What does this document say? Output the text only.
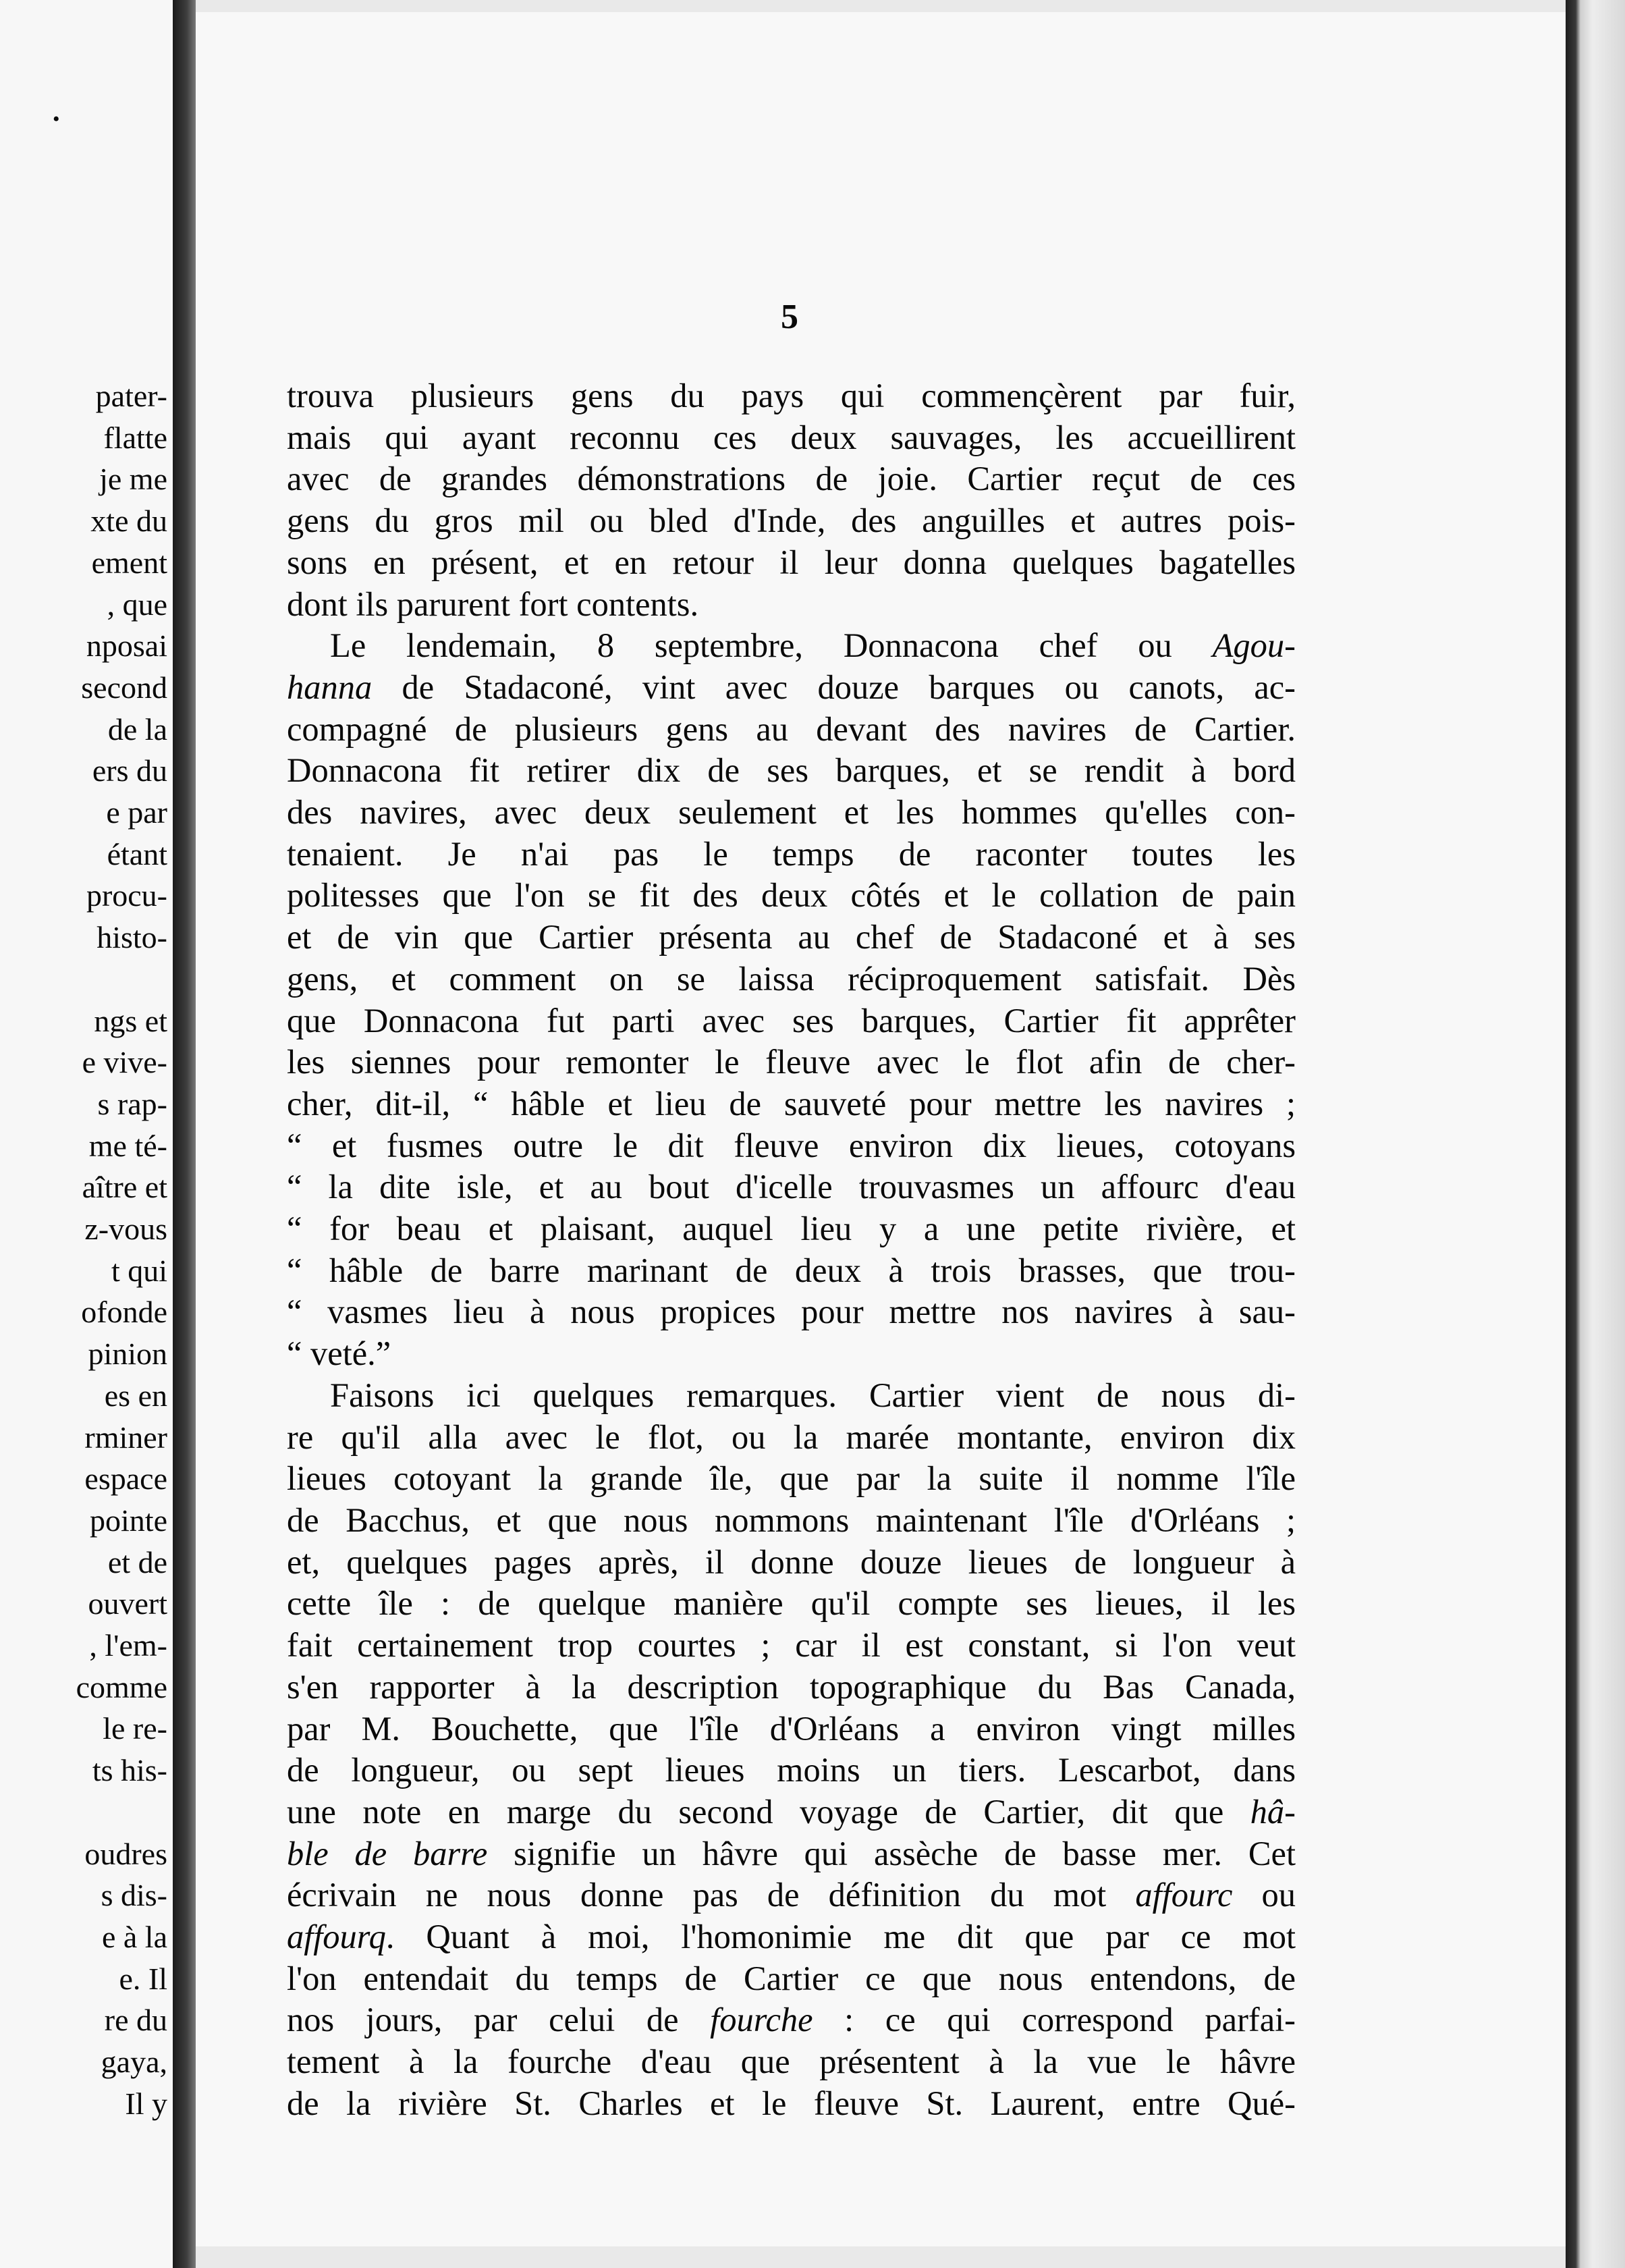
•
pater-
flatte
je me
xte du
ement
, que
nposai
second
de la
ers du
e par
étant
procu-
histo-
ngs et
e vive-
s rap-
me té-
aître et
z-vous
t qui
ofonde
pinion
es en
rminer
espace
pointe
et de
ouvert
, l'em-
comme
le re-
ts his-
oudres
s dis-
e à la
e. Il
re du
gaya,
Il y
5

trouva plusieurs gens du pays qui commençèrent par fuir,
mais qui ayant reconnu ces deux sauvages, les accueillirent
avec de grandes démonstrations de joie. Cartier reçut de ces
gens du gros mil ou bled d'Inde, des anguilles et autres pois-
sons en présent, et en retour il leur donna quelques bagatelles
dont ils parurent fort contents.

Le lendemain, 8 septembre, Donnacona chef ou Agou-
hanna de Stadaconé, vint avec douze barques ou canots, ac-
compagné de plusieurs gens au devant des navires de Cartier.
Donnacona fit retirer dix de ses barques, et se rendit à bord
des navires, avec deux seulement et les hommes qu'elles con-
tenaient. Je n'ai pas le temps de raconter toutes les
politesses que l'on se fit des deux côtés et le collation de pain
et de vin que Cartier présenta au chef de Stadaconé et à ses
gens, et comment on se laissa réciproquement satisfait. Dès
que Donnacona fut parti avec ses barques, Cartier fit apprêter
les siennes pour remonter le fleuve avec le flot afin de cher-
cher, dit-il, “ hâble et lieu de sauveté pour mettre les navires ;
“ et fusmes outre le dit fleuve environ dix lieues, cotoyans
“ la dite isle, et au bout d'icelle trouvasmes un affourc d'eau
“ for beau et plaisant, auquel lieu y a une petite rivière, et
“ hâble de barre marinant de deux à trois brasses, que trou-
“ vasmes lieu à nous propices pour mettre nos navires à sau-
“ veté.”

Faisons ici quelques remarques. Cartier vient de nous di-
re qu'il alla avec le flot, ou la marée montante, environ dix
lieues cotoyant la grande île, que par la suite il nomme l'île
de Bacchus, et que nous nommons maintenant l'île d'Orléans ;
et, quelques pages après, il donne douze lieues de longueur à
cette île : de quelque manière qu'il compte ses lieues, il les
fait certainement trop courtes ; car il est constant, si l'on veut
s'en rapporter à la description topographique du Bas Canada,
par M. Bouchette, que l'île d'Orléans a environ vingt milles
de longueur, ou sept lieues moins un tiers. Lescarbot, dans
une note en marge du second voyage de Cartier, dit que hâ-
ble de barre signifie un hâvre qui assèche de basse mer. Cet
écrivain ne nous donne pas de définition du mot affourc ou
affourq. Quant à moi, l'homonimie me dit que par ce mot
l'on entendait du temps de Cartier ce que nous entendons, de
nos jours, par celui de fourche : ce qui correspond parfai-
tement à la fourche d'eau que présentent à la vue le hâvre
de la rivière St. Charles et le fleuve St. Laurent, entre Qué-
